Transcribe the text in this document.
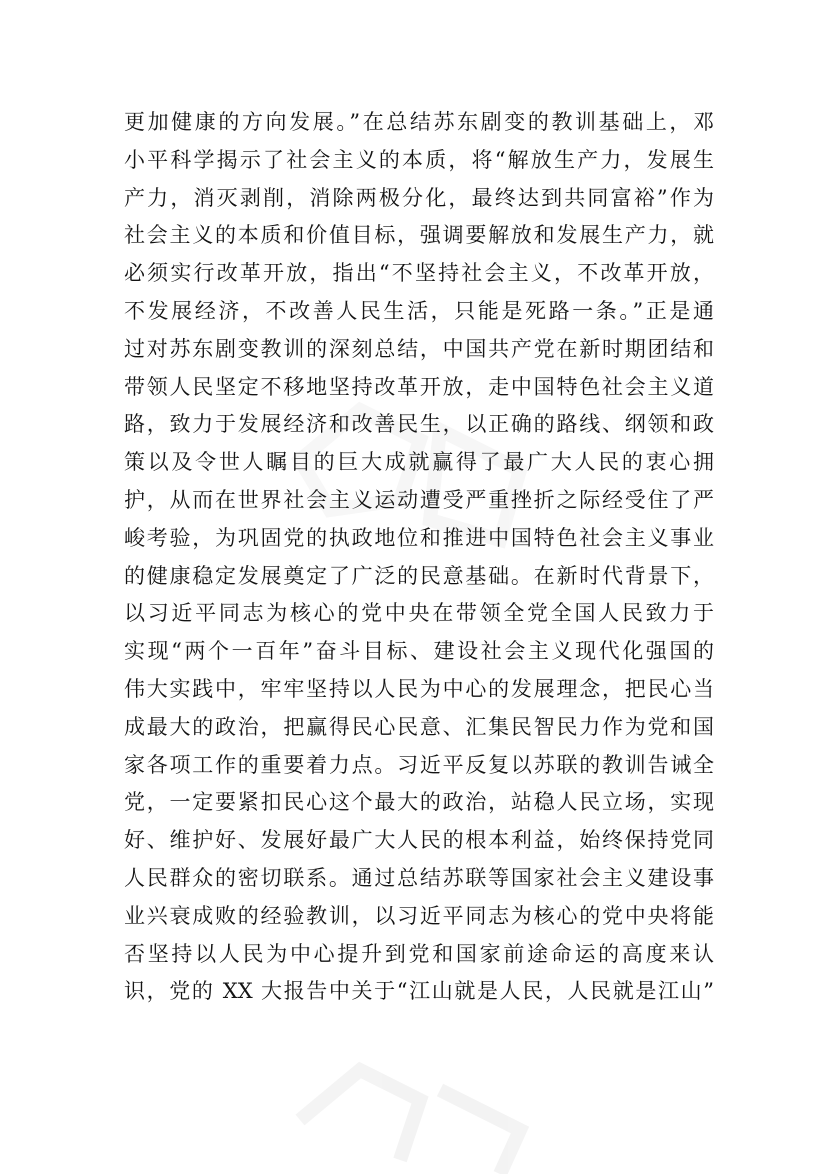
更加健康的方向发展。”在总结苏东剧变的教训基础上，邓
小平科学揭示了社会主义的本质，将“解放生产力，发展生
产力，消灭剥削，消除两极分化，最终达到共同富裕”作为
社会主义的本质和价值目标，强调要解放和发展生产力，就
必须实行改革开放，指出“不坚持社会主义，不改革开放，
不发展经济，不改善人民生活，只能是死路一条。”正是通
过对苏东剧变教训的深刻总结，中国共产党在新时期团结和
带领人民坚定不移地坚持改革开放，走中国特色社会主义道
路，致力于发展经济和改善民生，以正确的路线、纲领和政
策以及令世人瞩目的巨大成就赢得了最广大人民的衷心拥
护，从而在世界社会主义运动遭受严重挫折之际经受住了严
峻考验，为巩固党的执政地位和推进中国特色社会主义事业
的健康稳定发展奠定了广泛的民意基础。在新时代背景下，
以习近平同志为核心的党中央在带领全党全国人民致力于
实现“两个一百年”奋斗目标、建设社会主义现代化强国的
伟大实践中，牢牢坚持以人民为中心的发展理念，把民心当
成最大的政治，把赢得民心民意、汇集民智民力作为党和国
家各项工作的重要着力点。习近平反复以苏联的教训告诫全
党，一定要紧扣民心这个最大的政治，站稳人民立场，实现
好、维护好、发展好最广大人民的根本利益，始终保持党同
人民群众的密切联系。通过总结苏联等国家社会主义建设事
业兴衰成败的经验教训，以习近平同志为核心的党中央将能
否坚持以人民为中心提升到党和国家前途命运的高度来认
识，党的 XX 大报告中关于“江山就是人民，人民就是江山”
